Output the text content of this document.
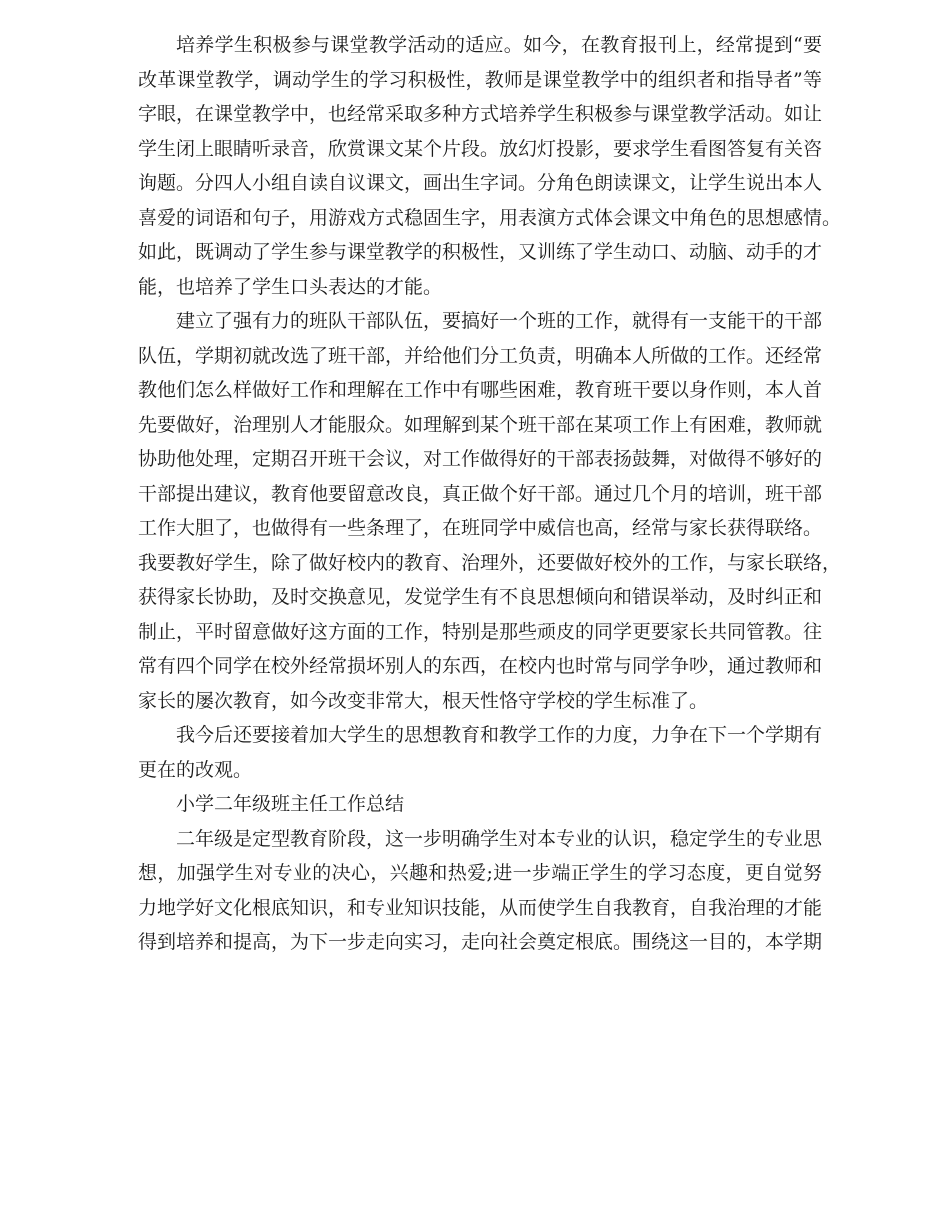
培养学生积极参与课堂教学活动的适应。如今，在教育报刊上，经常提到“要
改革课堂教学，调动学生的学习积极性，教师是课堂教学中的组织者和指导者”等
字眼，在课堂教学中，也经常采取多种方式培养学生积极参与课堂教学活动。如让
学生闭上眼睛听录音，欣赏课文某个片段。放幻灯投影，要求学生看图答复有关咨
询题。分四人小组自读自议课文，画出生字词。分角色朗读课文，让学生说出本人
喜爱的词语和句子，用游戏方式稳固生字，用表演方式体会课文中角色的思想感情。
如此，既调动了学生参与课堂教学的积极性，又训练了学生动口、动脑、动手的才
能，也培养了学生口头表达的才能。
建立了强有力的班队干部队伍，要搞好一个班的工作，就得有一支能干的干部
队伍，学期初就改选了班干部，并给他们分工负责，明确本人所做的工作。还经常
教他们怎么样做好工作和理解在工作中有哪些困难，教育班干要以身作则，本人首
先要做好，治理别人才能服众。如理解到某个班干部在某项工作上有困难，教师就
协助他处理，定期召开班干会议，对工作做得好的干部表扬鼓舞，对做得不够好的
干部提出建议，教育他要留意改良，真正做个好干部。通过几个月的培训，班干部
工作大胆了，也做得有一些条理了，在班同学中威信也高，经常与家长获得联络。
我要教好学生，除了做好校内的教育、治理外，还要做好校外的工作，与家长联络，
获得家长协助，及时交换意见，发觉学生有不良思想倾向和错误举动，及时纠正和
制止，平时留意做好这方面的工作，特别是那些顽皮的同学更要家长共同管教。往
常有四个同学在校外经常损坏别人的东西，在校内也时常与同学争吵，通过教师和
家长的屡次教育，如今改变非常大，根天性恪守学校的学生标准了。
我今后还要接着加大学生的思想教育和教学工作的力度，力争在下一个学期有
更在的改观。
小学二年级班主任工作总结
二年级是定型教育阶段，这一步明确学生对本专业的认识，稳定学生的专业思
想，加强学生对专业的决心，兴趣和热爱;进一步端正学生的学习态度，更自觉努
力地学好文化根底知识，和专业知识技能，从而使学生自我教育，自我治理的才能
得到培养和提高，为下一步走向实习，走向社会奠定根底。围绕这一目的，本学期
